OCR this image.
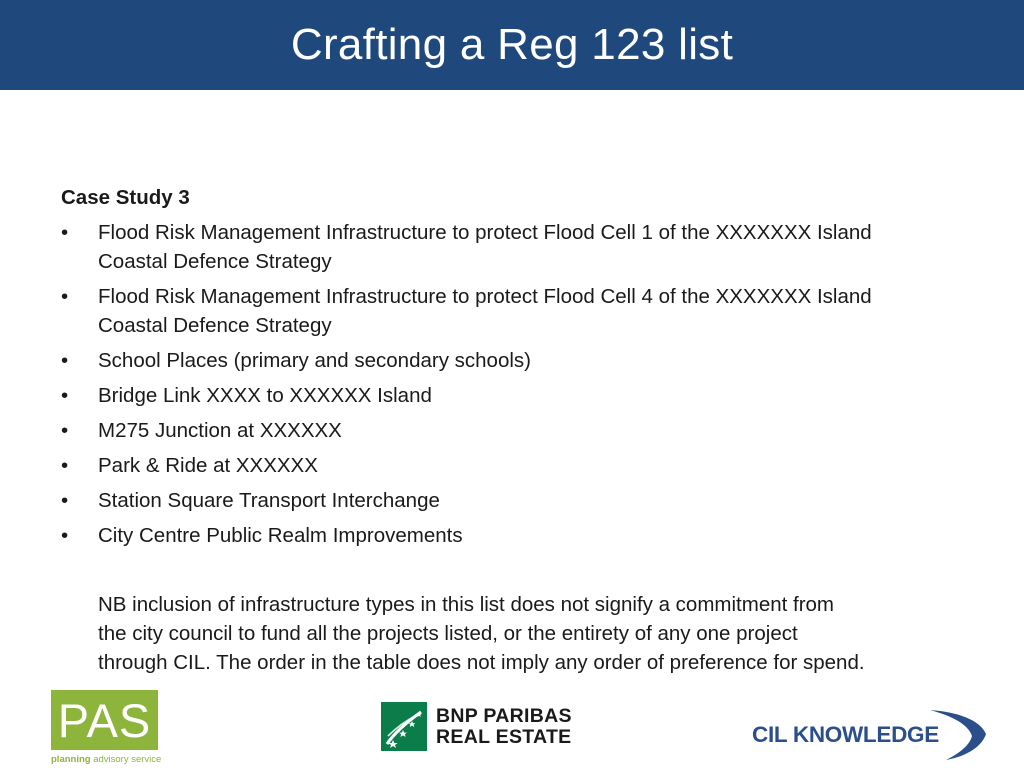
Crafting a Reg 123 list
Case Study 3
• Flood Risk Management Infrastructure to protect Flood Cell 1 of the XXXXXXX Island
Coastal Defence Strategy
• Flood Risk Management Infrastructure to protect Flood Cell 4 of the XXXXXXX Island
Coastal Defence Strategy
• School Places (primary and secondary schools)
• Bridge Link XXXX to XXXXXX Island
• M275 Junction at XXXXXX
• Park & Ride at XXXXXX
• Station Square Transport Interchange
• City Centre Public Realm Improvements
NB inclusion of infrastructure types in this list does not signify a commitment from
the city council to fund all the projects listed, or the entirety of any one project
through CIL. The order in the table does not imply any order of preference for spend.
PAS
planning advisory service
BNP PARIBAS
REAL ESTATE	CIL KNOWLEDGE
